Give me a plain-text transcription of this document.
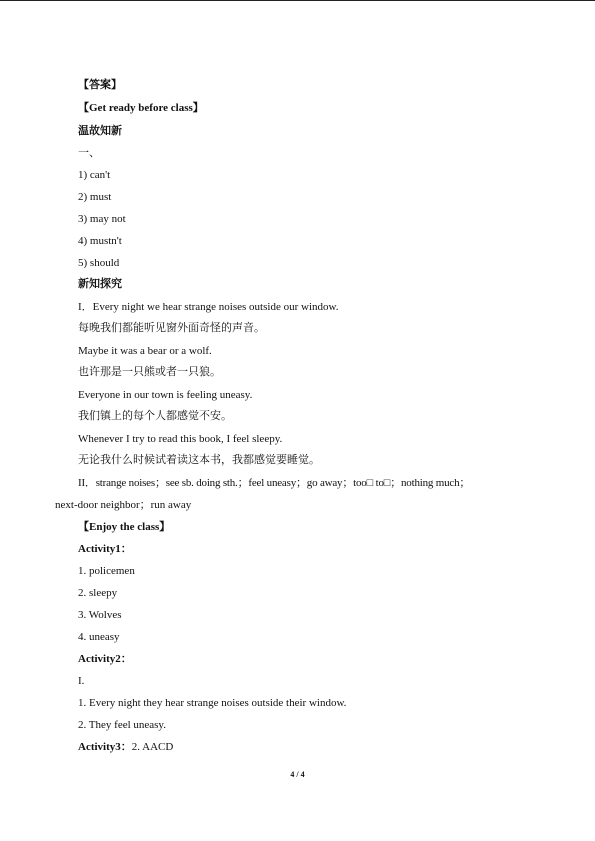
【答案】
【Get ready before class】
温故知新
一、
1) can't
2) must
3) may not
4) mustn't
5) should
新知探究
I．Every night we hear strange noises outside our window.
每晚我们都能听见窗外面奇怪的声音。
Maybe it was a bear or a wolf.
也许那是一只熊或者一只狼。
Everyone in our town is feeling uneasy.
我们镇上的每个人都感觉不安。
Whenever I try to read this book, I feel sleepy.
无论我什么时候试着读这本书，我都感觉要睡觉。
II．strange noises；see sb. doing sth.；feel uneasy；go away；too□ to□；nothing much；
next-door neighbor；run away
【Enjoy the class】
Activity1：
1. policemen
2. sleepy
3. Wolves
4. uneasy
Activity2：
I.
1. Every night they hear strange noises outside their window.
2. They feel uneasy.
Activity3：2. AACD
4 / 4
